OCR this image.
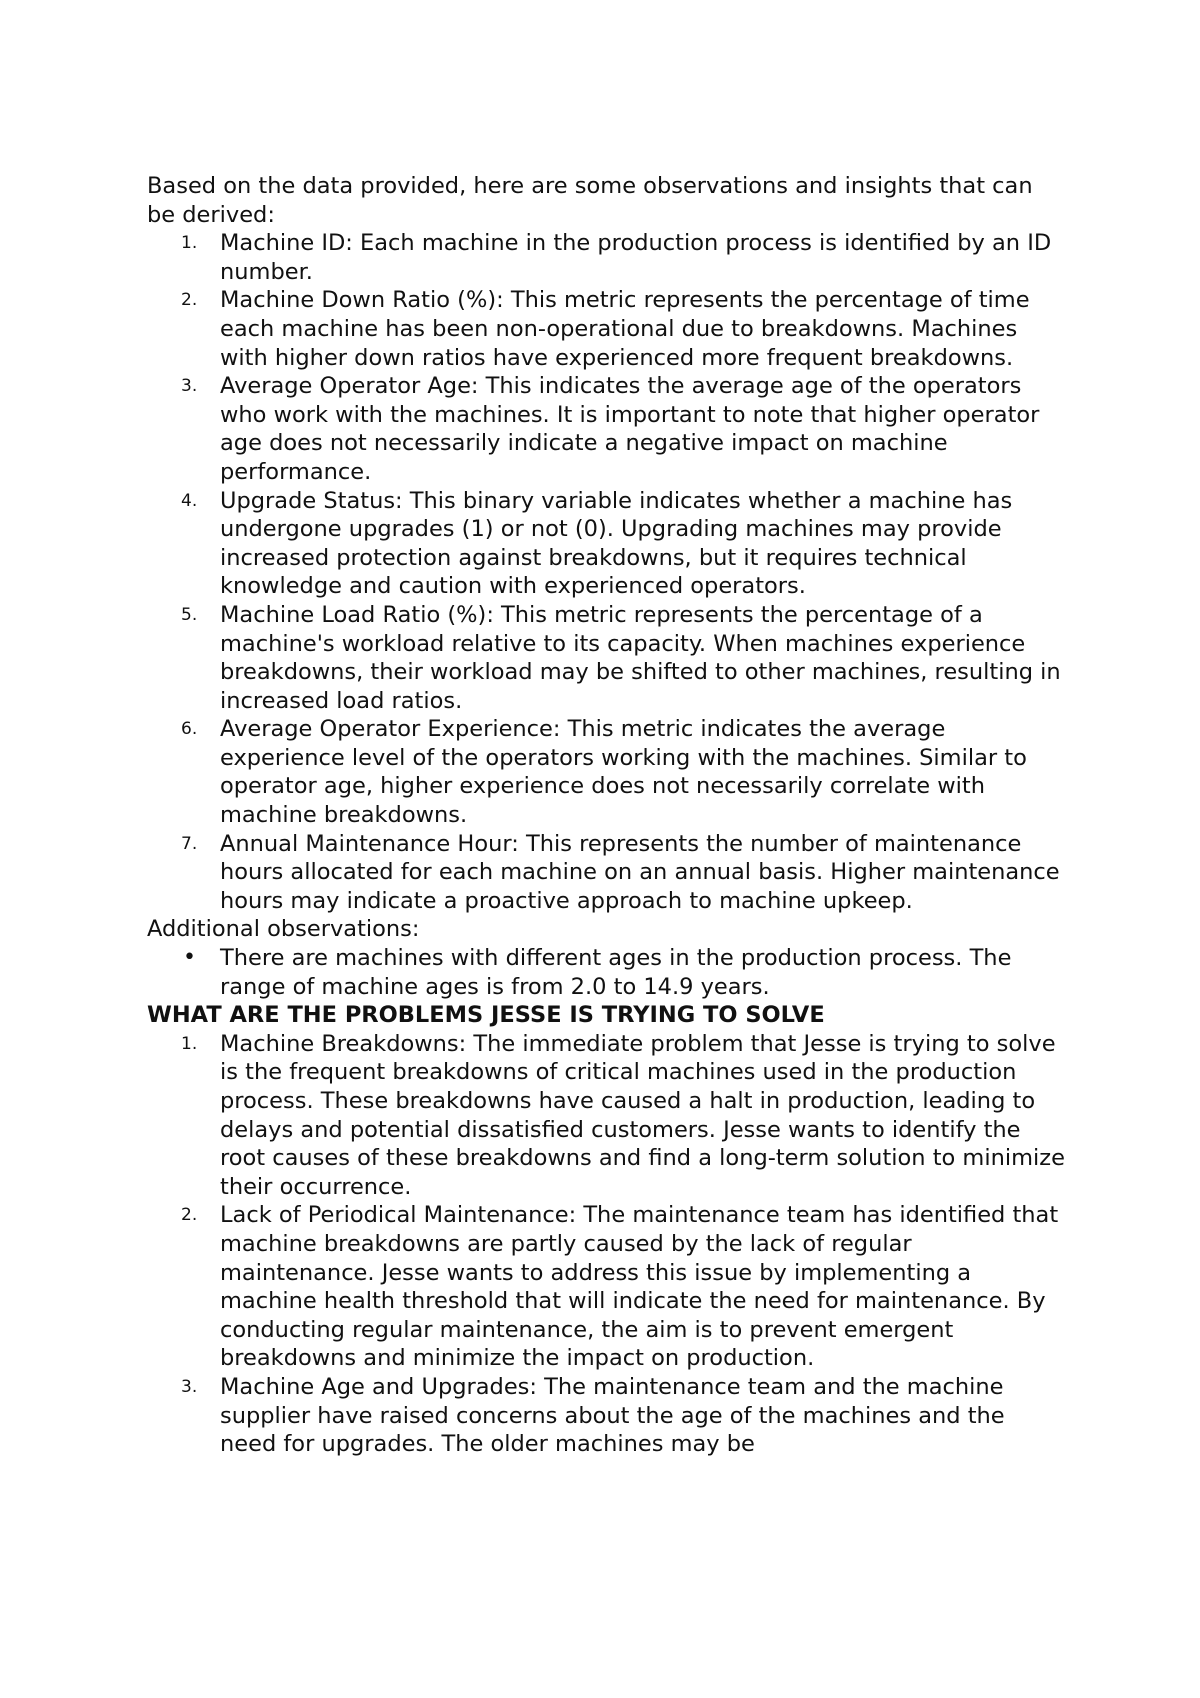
Based on the data provided, here are some observations and insights that can be derived:

1. Machine ID: Each machine in the production process is identified by an ID number.
2. Machine Down Ratio (%): This metric represents the percentage of time each machine has been non-operational due to breakdowns. Machines with higher down ratios have experienced more frequent breakdowns.
3. Average Operator Age: This indicates the average age of the operators who work with the machines. It is important to note that higher operator age does not necessarily indicate a negative impact on machine performance.
4. Upgrade Status: This binary variable indicates whether a machine has undergone upgrades (1) or not (0). Upgrading machines may provide increased protection against breakdowns, but it requires technical knowledge and caution with experienced operators.
5. Machine Load Ratio (%): This metric represents the percentage of a machine's workload relative to its capacity. When machines experience breakdowns, their workload may be shifted to other machines, resulting in increased load ratios.
6. Average Operator Experience: This metric indicates the average experience level of the operators working with the machines. Similar to operator age, higher experience does not necessarily correlate with machine breakdowns.
7. Annual Maintenance Hour: This represents the number of maintenance hours allocated for each machine on an annual basis. Higher maintenance hours may indicate a proactive approach to machine upkeep.

Additional observations:

• There are machines with different ages in the production process. The range of machine ages is from 2.0 to 14.9 years.

WHAT ARE THE PROBLEMS JESSE IS TRYING TO SOLVE

1. Machine Breakdowns: The immediate problem that Jesse is trying to solve is the frequent breakdowns of critical machines used in the production process. These breakdowns have caused a halt in production, leading to delays and potential dissatisfied customers. Jesse wants to identify the root causes of these breakdowns and find a long-term solution to minimize their occurrence.
2. Lack of Periodical Maintenance: The maintenance team has identified that machine breakdowns are partly caused by the lack of regular maintenance. Jesse wants to address this issue by implementing a machine health threshold that will indicate the need for maintenance. By conducting regular maintenance, the aim is to prevent emergent breakdowns and minimize the impact on production.
3. Machine Age and Upgrades: The maintenance team and the machine supplier have raised concerns about the age of the machines and the need for upgrades. The older machines may be
